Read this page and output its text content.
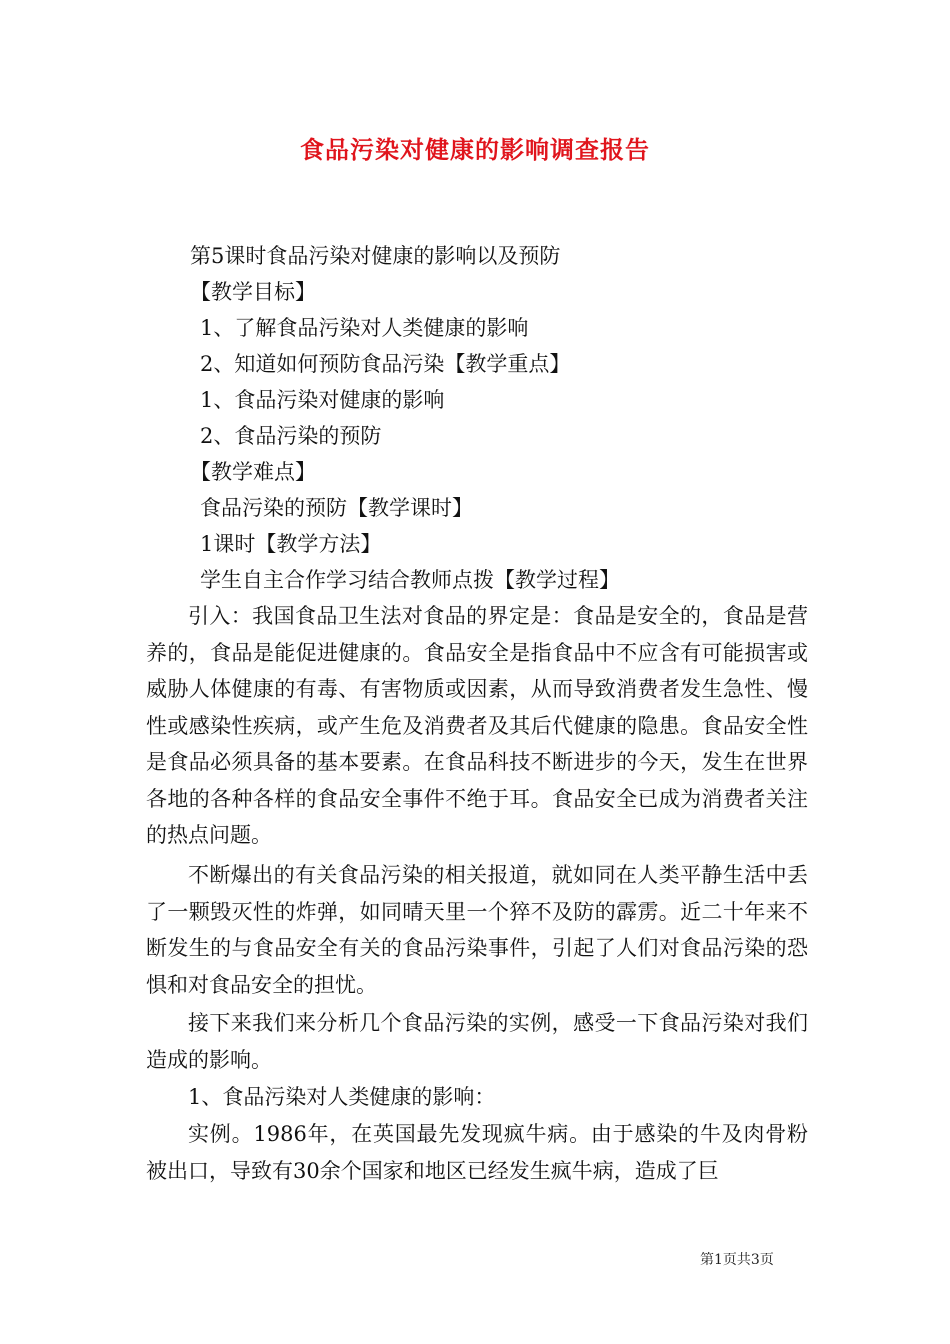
食品污染对健康的影响调查报告
第5课时食品污染对健康的影响以及预防
【教学目标】
1、了解食品污染对人类健康的影响
2、知道如何预防食品污染【教学重点】
1、食品污染对健康的影响
2、食品污染的预防
【教学难点】
食品污染的预防【教学课时】
1课时【教学方法】
学生自主合作学习结合教师点拨【教学过程】
引入：我国食品卫生法对食品的界定是：食品是安全的，食品是营养的，食品是能促进健康的。食品安全是指食品中不应含有可能损害或威胁人体健康的有毒、有害物质或因素，从而导致消费者发生急性、慢性或感染性疾病，或产生危及消费者及其后代健康的隐患。食品安全性是食品必须具备的基本要素。在食品科技不断进步的今天，发生在世界各地的各种各样的食品安全事件不绝于耳。食品安全已成为消费者关注的热点问题。
不断爆出的有关食品污染的相关报道，就如同在人类平静生活中丢了一颗毁灭性的炸弹，如同晴天里一个猝不及防的霹雳。近二十年来不断发生的与食品安全有关的食品污染事件，引起了人们对食品污染的恐惧和对食品安全的担忧。
接下来我们来分析几个食品污染的实例，感受一下食品污染对我们造成的影响。
1、食品污染对人类健康的影响：
实例。1986年，在英国最先发现疯牛病。由于感染的牛及肉骨粉被出口，导致有30余个国家和地区已经发生疯牛病，造成了巨
第1页共3页
